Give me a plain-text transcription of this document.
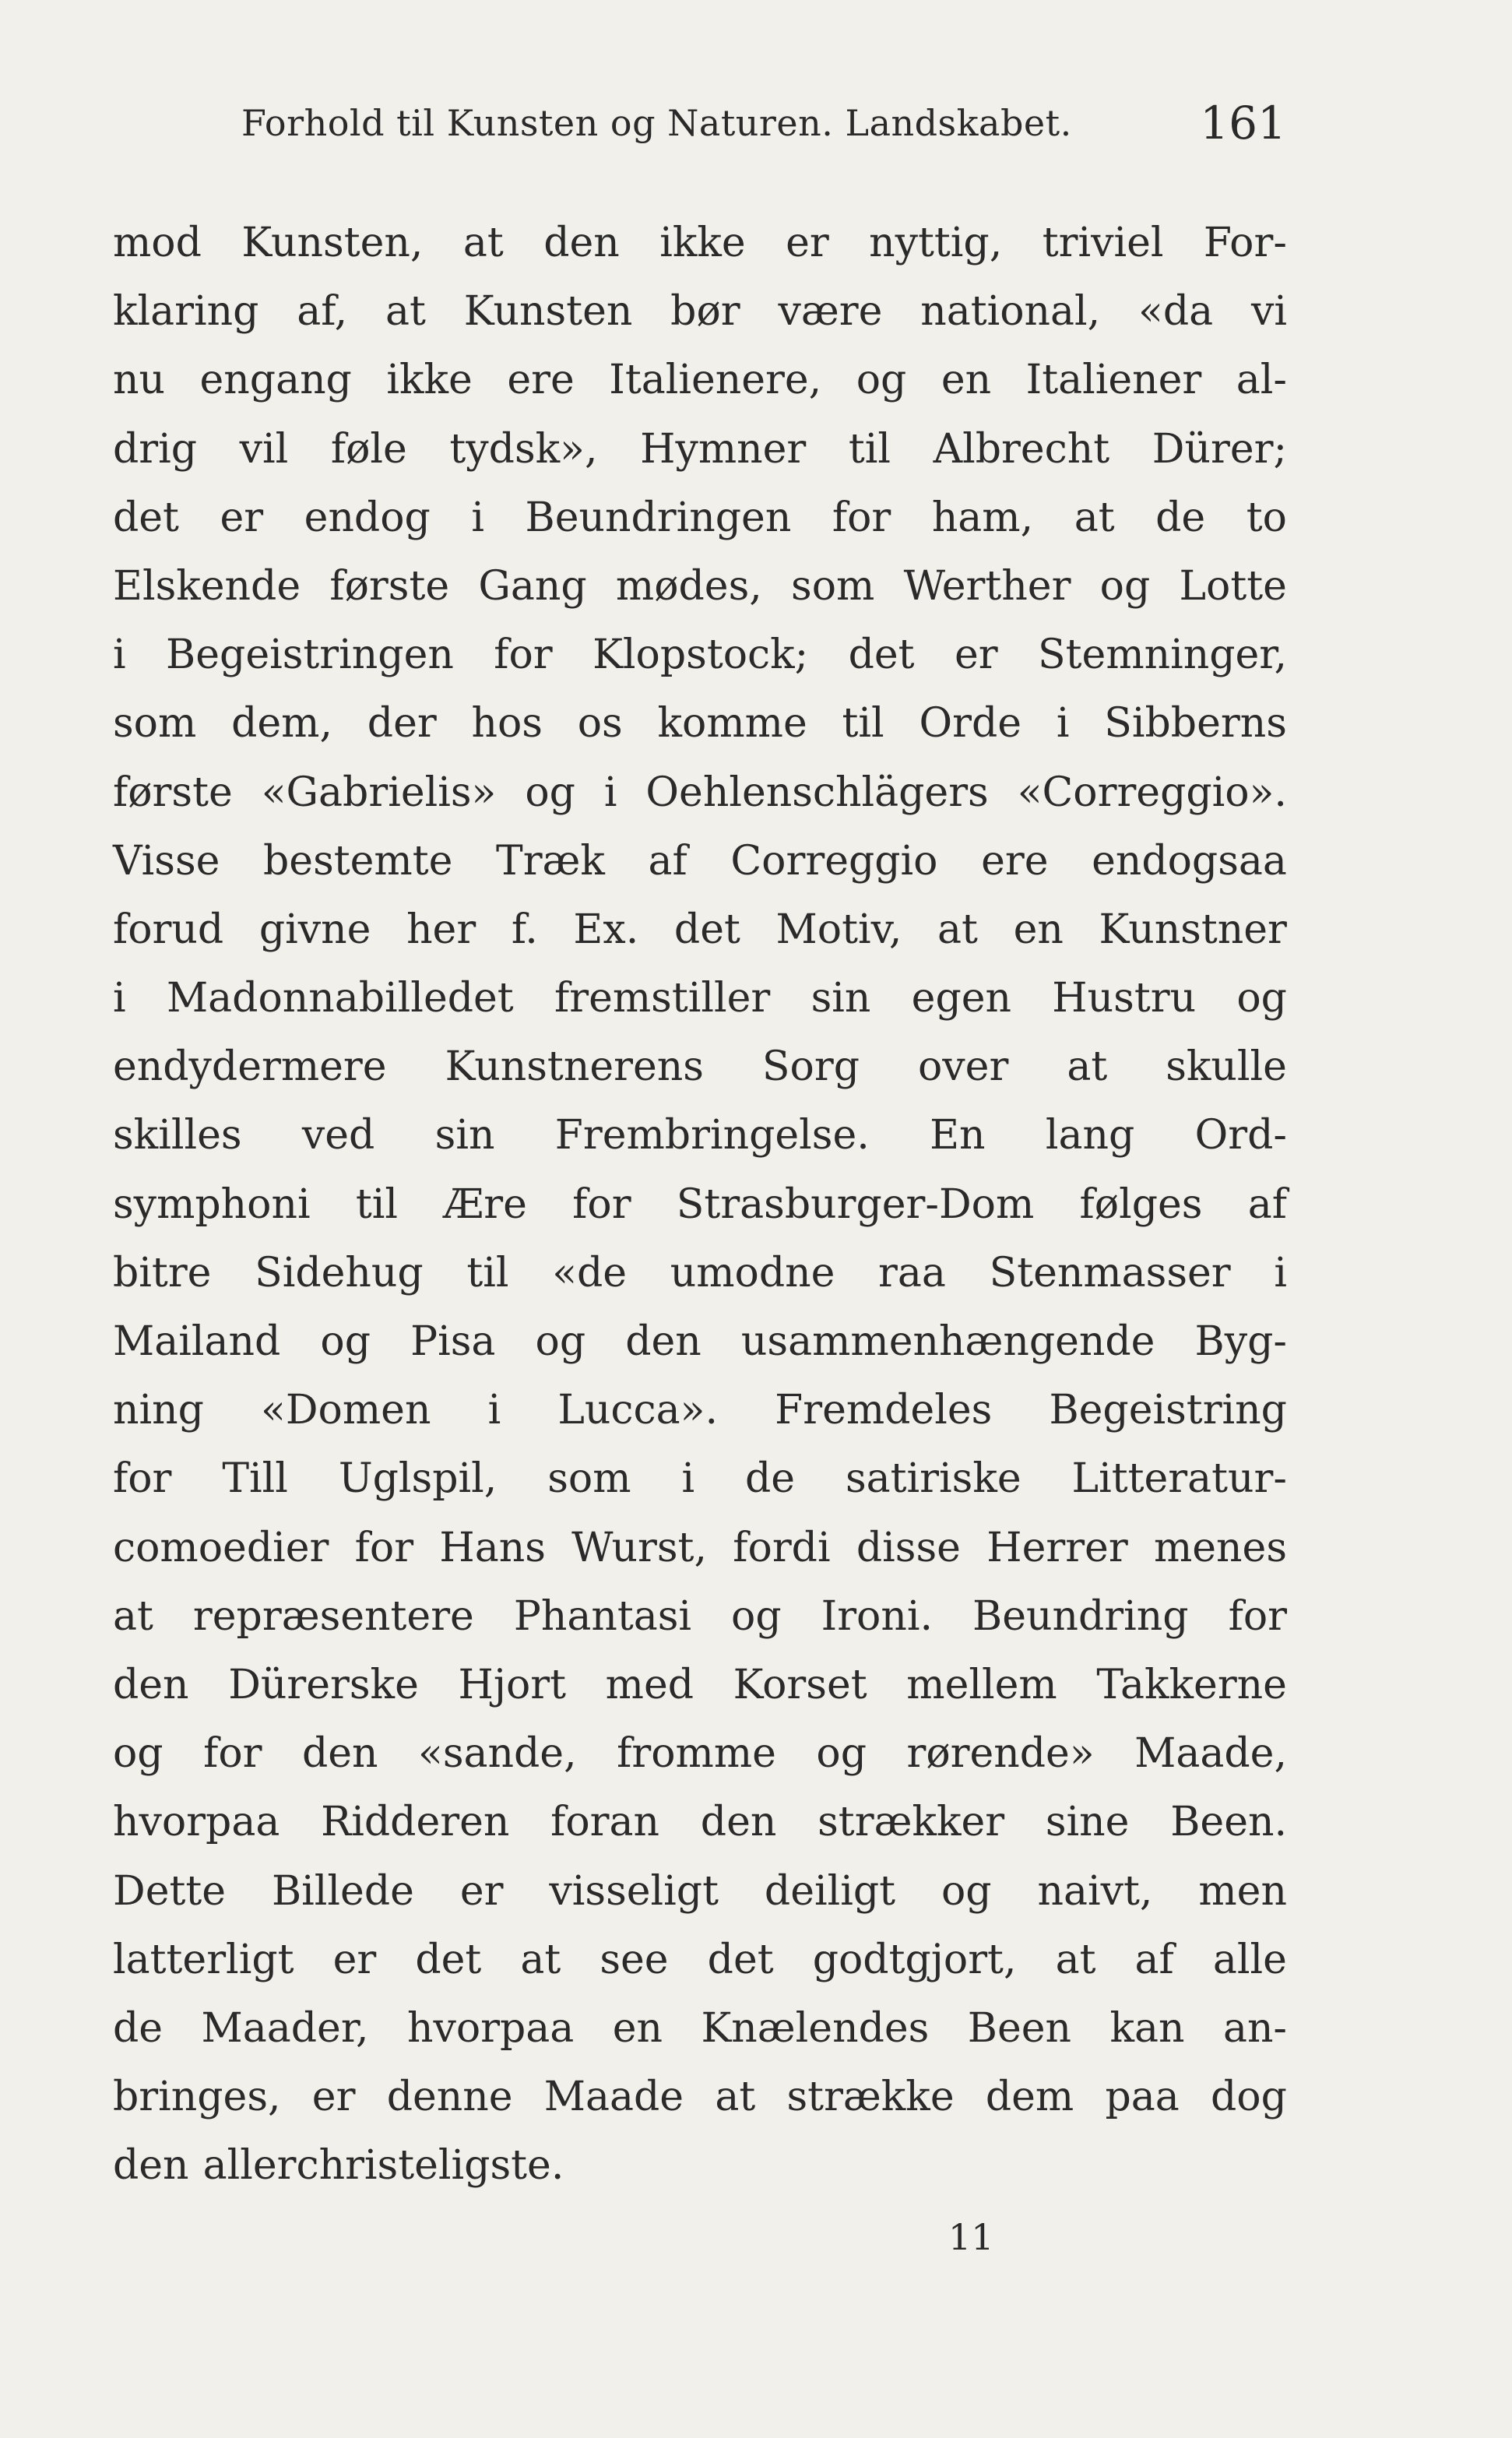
Forhold til Kunsten og Naturen. Landskabet.	161
mod Kunsten, at den ikke er nyttig, triviel For-
klaring af, at Kunsten bør være national, «da vi
nu engang ikke ere Italienere, og en Italiener al-
drig vil føle tydsk», Hymner til Albrecht Dürer;
det er endog i Beundringen for ham, at de to
Elskende første Gang mødes, som Werther og Lotte
i Begeistringen for Klopstock; det er Stemninger,
som dem, der hos os komme til Orde i Sibberns
første «Gabrielis» og i Oehlenschlägers «Correggio».
Visse bestemte Træk af Correggio ere endogsaa
forud givne her f. Ex. det Motiv, at en Kunstner
i Madonnabilledet fremstiller sin egen Hustru og
endydermere Kunstnerens Sorg over at skulle
skilles ved sin Frembringelse. En lang Ord-
symphoni til Ære for Strasburger-Dom følges af
bitre Sidehug til «de umodne raa Stenmasser i
Mailand og Pisa og den usammenhængende Byg-
ning «Domen i Lucca». Fremdeles Begeistring
for Till Uglspil, som i de satiriske Litteratur-
comoedier for Hans Wurst, fordi disse Herrer menes
at repræsentere Phantasi og Ironi. Beundring for
den Dürerske Hjort med Korset mellem Takkerne
og for den «sande, fromme og rørende» Maade,
hvorpaa Ridderen foran den strækker sine Been.
Dette Billede er visseligt deiligt og naivt, men
latterligt er det at see det godtgjort, at af alle
de Maader, hvorpaa en Knælendes Been kan an-
bringes, er denne Maade at strække dem paa dog
den allerchristeligste.
11
